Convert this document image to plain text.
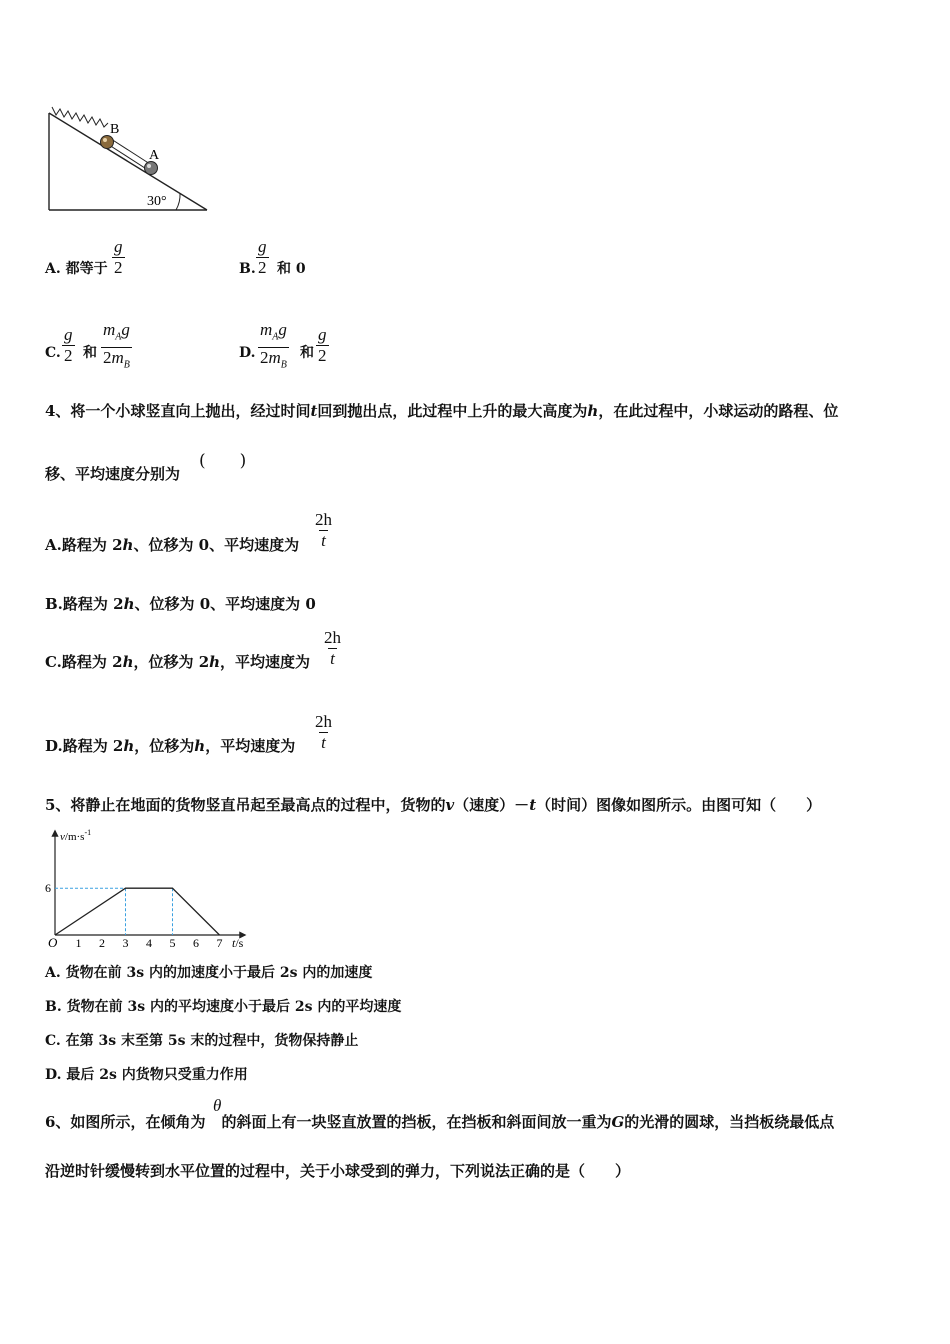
B
A
30°
A. 都等于 $\frac{g}{2}$	B. $\frac{g}{2}$ 和 0
C. $\frac{g}{2}$ 和
$m_Ag$
$2m_B$
D.
$m_Ag$
$2m_B$
和 $\frac{g}{2}$
4、将一个小球竖直向上抛出，经过时间t回到抛出点，此过程中上升的最大高度为h，在此过程中，小球运动的路程、位
移、平均速度分别为
(　　)
A.路程为 2h、位移为 0、平均速度为 $\frac{2h}{t}$
B.路程为 2h、位移为 0、平均速度为 0
C.路程为 2h，位移为 2h，平均速度为 $\frac{2h}{t}$
D.路程为 2h，位移为h，平均速度为 $\frac{2h}{t}$
5、将静止在地面的货物竖直吊起至最高点的过程中，货物的v（速度）－t（时间）图像如图所示。由图可知（　　）
1 2 3 4 5 6 7
6
O
$v/m\cdot s^{-1}$
t/s
A. 货物在前 3s 内的加速度小于最后 2s 内的加速度
B. 货物在前 3s 内的平均速度小于最后 2s 内的平均速度
C. 在第 3s 末至第 5s 末的过程中，货物保持静止
D. 最后 2s 内货物只受重力作用
6、如图所示，在倾角为 的斜面上有一块竖直放置的挡板，在挡板和斜面间放一重为G的光滑的圆球，当挡板绕最低点
θ
沿逆时针缓慢转到水平位置的过程中，关于小球受到的弹力，下列说法正确的是（　　）
